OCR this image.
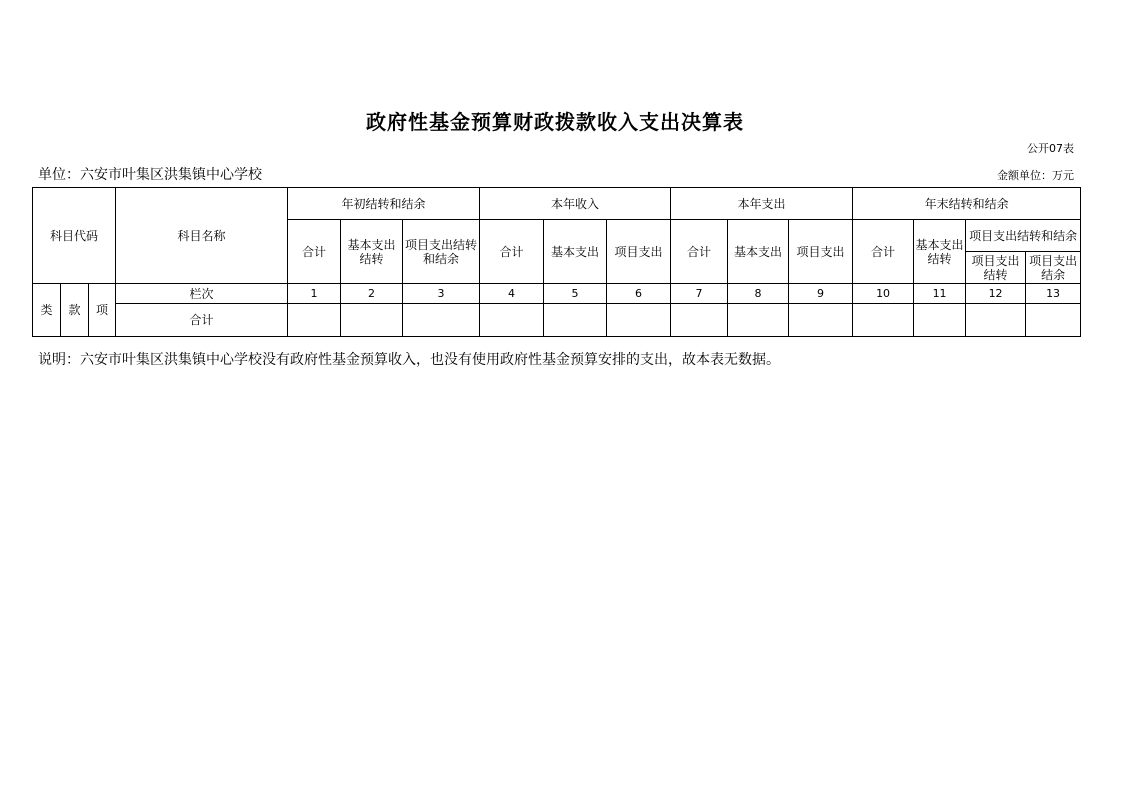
政府性基金预算财政拨款收入支出决算表
公开07表
单位：六安市叶集区洪集镇中心学校	金额单位：万元
科目代码			科目名称	年初结转和结余			本年收入			本年支出			年末结转和结余			
				合计	基本支出结转	项目支出结转和结余	合计	基本支出	项目支出	合计	基本支出	项目支出	合计	基本支出结转	项目支出结转和结余	
															项目支出结转	项目支出结余
类	款	项	栏次	1	2	3	4	5	6	7	8	9	10	11	12	13
			合计													
说明：六安市叶集区洪集镇中心学校没有政府性基金预算收入，也没有使用政府性基金预算安排的支出，故本表无数据。
